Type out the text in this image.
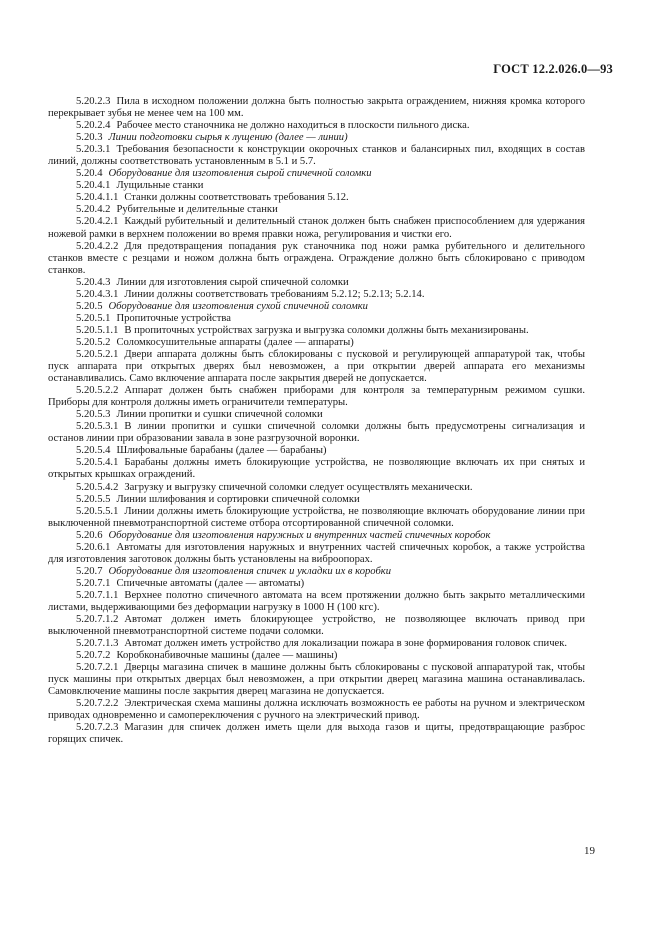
ГОСТ 12.2.026.0—93

5.20.2.3 Пила в исходном положении должна быть полностью закрыта ограждением, нижняя кромка которого перекрывает зубья не менее чем на 100 мм.

5.20.2.4 Рабочее место станочника не должно находиться в плоскости пильного диска.

5.20.3 Линии подготовки сырья к лущению (далее — линии)

5.20.3.1 Требования безопасности к конструкции окорочных станков и балансирных пил, входящих в состав линий, должны соответствовать установленным в 5.1 и 5.7.

5.20.4 Оборудование для изготовления сырой спичечной соломки

5.20.4.1 Лущильные станки

5.20.4.1.1 Станки должны соответствовать требования 5.12.

5.20.4.2 Рубительные и делительные станки

5.20.4.2.1 Каждый рубительный и делительный станок должен быть снабжен приспособлением для удержания ножевой рамки в верхнем положении во время правки ножа, регулирования и чистки его.

5.20.4.2.2 Для предотвращения попадания рук станочника под ножи рамка рубительного и делительного станков вместе с резцами и ножом должна быть ограждена. Ограждение должно быть сблокировано с приводом станков.

5.20.4.3 Линии для изготовления сырой спичечной соломки

5.20.4.3.1 Линии должны соответствовать требованиям 5.2.12; 5.2.13; 5.2.14.

5.20.5 Оборудование для изготовления сухой спичечной соломки

5.20.5.1 Пропиточные устройства

5.20.5.1.1 В пропиточных устройствах загрузка и выгрузка соломки должны быть механизированы.

5.20.5.2 Соломкосушительные аппараты (далее — аппараты)

5.20.5.2.1 Двери аппарата должны быть сблокированы с пусковой и регулирующей аппаратурой так, чтобы пуск аппарата при открытых дверях был невозможен, а при открытии дверей аппарата его механизмы останавливались. Само включение аппарата после закрытия дверей не допускается.

5.20.5.2.2 Аппарат должен быть снабжен приборами для контроля за температурным режимом сушки. Приборы для контроля должны иметь ограничители температуры.

5.20.5.3 Линии пропитки и сушки спичечной соломки

5.20.5.3.1 В линии пропитки и сушки спичечной соломки должны быть предусмотрены сигнализация и останов линии при образовании завала в зоне разгрузочной воронки.

5.20.5.4 Шлифовальные барабаны (далее — барабаны)

5.20.5.4.1 Барабаны должны иметь блокирующие устройства, не позволяющие включать их при снятых и открытых крышках ограждений.

5.20.5.4.2 Загрузку и выгрузку спичечной соломки следует осуществлять механически.

5.20.5.5 Линии шлифования и сортировки спичечной соломки

5.20.5.5.1 Линии должны иметь блокирующие устройства, не позволяющие включать оборудование линии при выключенной пневмотранспортной системе отбора отсортированной спичечной соломки.

5.20.6 Оборудование для изготовления наружных и внутренних частей спичечных коробок

5.20.6.1 Автоматы для изготовления наружных и внутренних частей спичечных коробок, а также устройства для изготовления заготовок должны быть установлены на виброопорах.

5.20.7 Оборудование для изготовления спичек и укладки их в коробки

5.20.7.1 Спичечные автоматы (далее — автоматы)

5.20.7.1.1 Верхнее полотно спичечного автомата на всем протяжении должно быть закрыто металлическими листами, выдерживающими без деформации нагрузку в 1000 Н (100 кгс).

5.20.7.1.2 Автомат должен иметь блокирующее устройство, не позволяющее включать привод при выключенной пневмотранспортной системе подачи соломки.

5.20.7.1.3 Автомат должен иметь устройство для локализации пожара в зоне формирования головок спичек.

5.20.7.2 Коробконабивочные машины (далее — машины)

5.20.7.2.1 Дверцы магазина спичек в машине должны быть сблокированы с пусковой аппаратурой так, чтобы пуск машины при открытых дверцах был невозможен, а при открытии дверец магазина машина останавливалась. Самовключение машины после закрытия дверец магазина не допускается.

5.20.7.2.2 Электрическая схема машины должна исключать возможность ее работы на ручном и электрическом приводах одновременно и самопереключения с ручного на электрический привод.

5.20.7.2.3 Магазин для спичек должен иметь щели для выхода газов и щиты, предотвращающие разброс горящих спичек.

19
